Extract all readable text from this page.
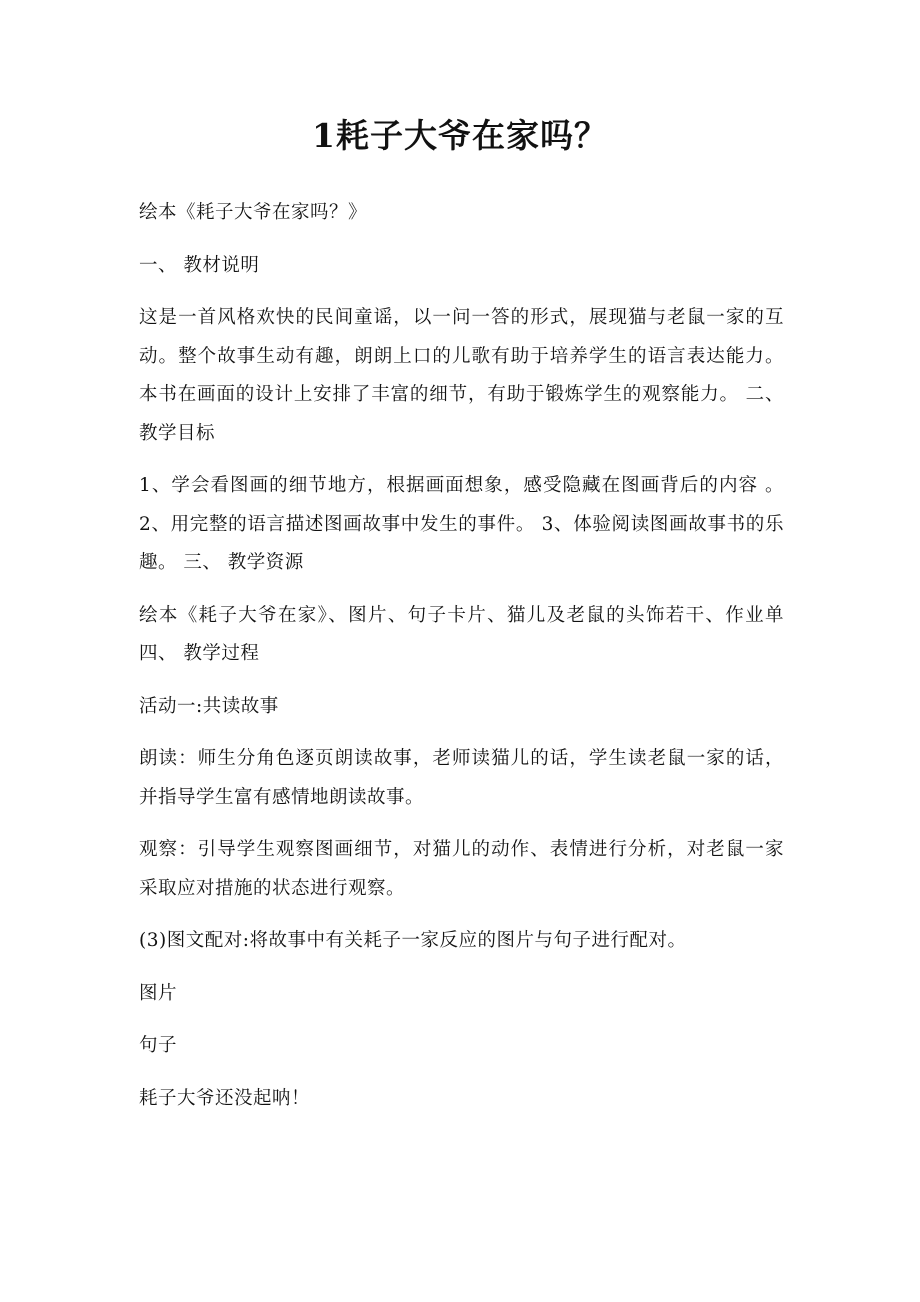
1耗子大爷在家吗？

绘本《耗子大爷在家吗？》

一、 教材说明

这是一首风格欢快的民间童谣，以一问一答的形式，展现猫与老鼠一家的互动。整个故事生动有趣，朗朗上口的儿歌有助于培养学生的语言表达能力。本书在画面的设计上安排了丰富的细节，有助于锻炼学生的观察能力。 二、 教学目标

1、学会看图画的细节地方，根据画面想象，感受隐藏在图画背后的内容 。 2、用完整的语言描述图画故事中发生的事件。 3、体验阅读图画故事书的乐趣。 三、 教学资源

绘本《耗子大爷在家》、图片、句子卡片、猫儿及老鼠的头饰若干、作业单 四、 教学过程

活动一:共读故事

朗读：师生分角色逐页朗读故事，老师读猫儿的话，学生读老鼠一家的话，并指导学生富有感情地朗读故事。

观察：引导学生观察图画细节，对猫儿的动作、表情进行分析，对老鼠一家采取应对措施的状态进行观察。

(3)图文配对:将故事中有关耗子一家反应的图片与句子进行配对。

图片

句子

耗子大爷还没起呐！
